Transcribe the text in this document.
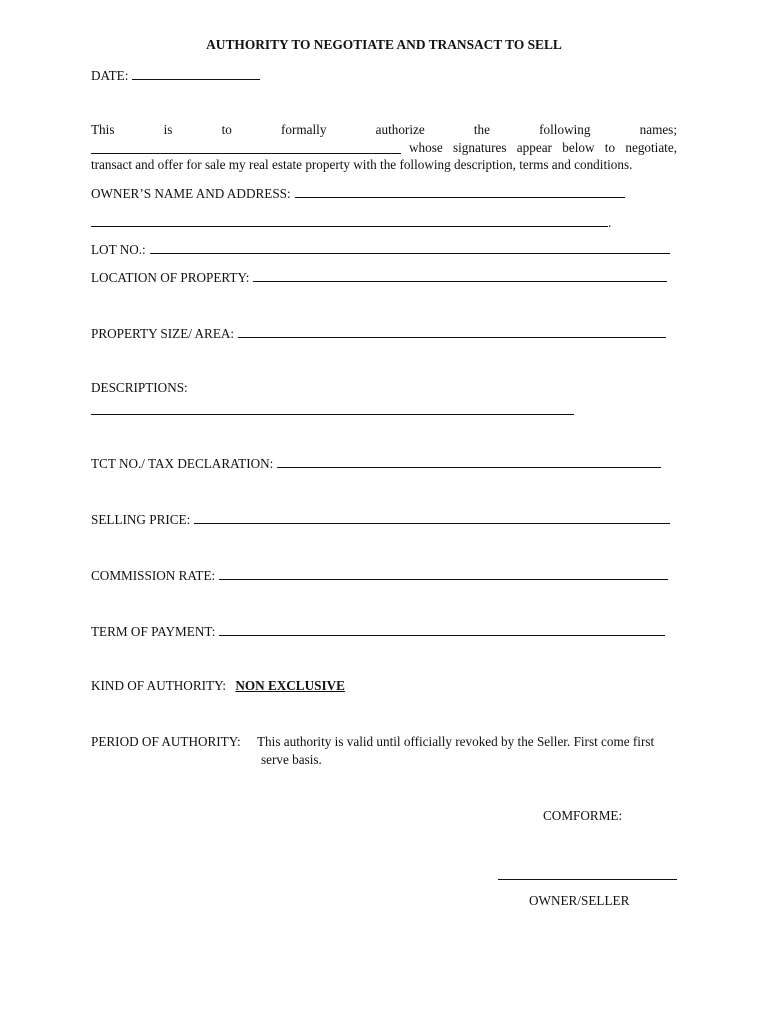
AUTHORITY TO NEGOTIATE AND TRANSACT TO SELL
DATE:
This	is	to	formally	authorize	the	following	names;
whose signatures appear below to negotiate,
transact and offer for sale my real estate property with the following description, terms and conditions.
OWNER’S NAME AND ADDRESS:
.
LOT NO.:
LOCATION OF PROPERTY:
PROPERTY SIZE/ AREA:
DESCRIPTIONS:
TCT NO./ TAX DECLARATION:
SELLING PRICE:
COMMISSION RATE:
TERM OF PAYMENT:
KIND OF AUTHORITY: NON EXCLUSIVE
PERIOD OF AUTHORITY: This authority is valid until officially revoked by the Seller. First come first
serve basis.
COMFORME:
OWNER/SELLER
